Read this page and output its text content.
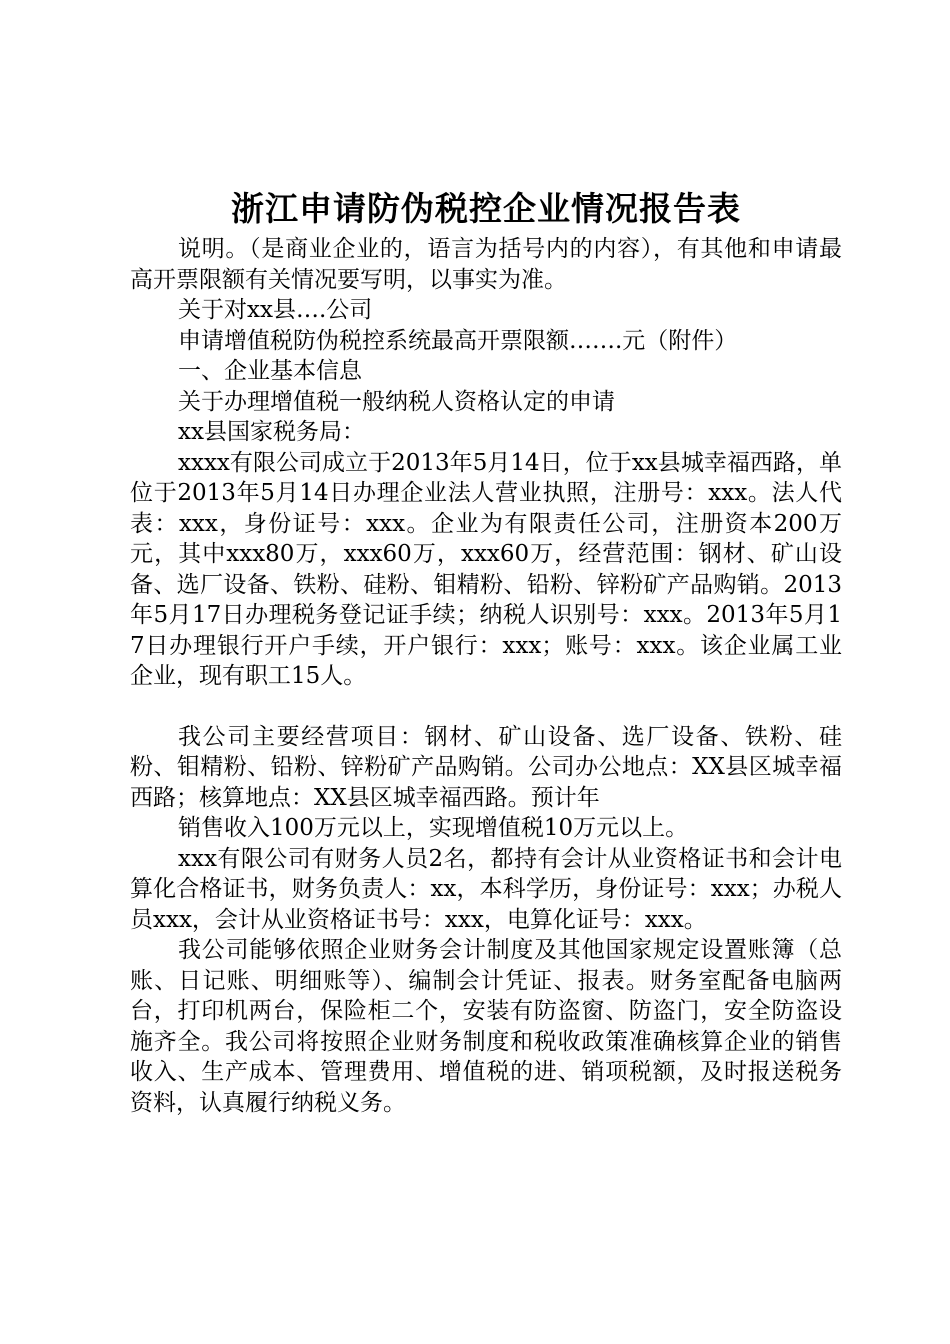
浙江申请防伪税控企业情况报告表

说明。（是商业企业的，语言为括号内的内容），有其他和申请最高开票限额有关情况要写明，以事实为准。

关于对xx县….公司

申请增值税防伪税控系统最高开票限额…….元（附件）

一、企业基本信息

关于办理增值税一般纳税人资格认定的申请

xx县国家税务局：

xxxx有限公司成立于2013年5月14日，位于xx县城幸福西路，单位于2013年5月14日办理企业法人营业执照，注册号：xxx。法人代表：xxx，身份证号：xxx。企业为有限责任公司，注册资本200万元，其中xxx80万，xxx60万，xxx60万，经营范围：钢材、矿山设备、选厂设备、铁粉、硅粉、钼精粉、铅粉、锌粉矿产品购销。2013年5月17日办理税务登记证手续；纳税人识别号：xxx。2013年5月17日办理银行开户手续，开户银行：xxx；账号：xxx。该企业属工业企业，现有职工15人。

我公司主要经营项目：钢材、矿山设备、选厂设备、铁粉、硅粉、钼精粉、铅粉、锌粉矿产品购销。公司办公地点：XX县区城幸福西路；核算地点：XX县区城幸福西路。预计年

销售收入100万元以上，实现增值税10万元以上。

xxx有限公司有财务人员2名，都持有会计从业资格证书和会计电算化合格证书，财务负责人：xx，本科学历，身份证号：xxx；办税人员xxx，会计从业资格证书号：xxx，电算化证号：xxx。

我公司能够依照企业财务会计制度及其他国家规定设置账簿（总账、日记账、明细账等）、编制会计凭证、报表。财务室配备电脑两台，打印机两台，保险柜二个，安装有防盗窗、防盗门，安全防盗设施齐全。我公司将按照企业财务制度和税收政策准确核算企业的销售收入、生产成本、管理费用、增值税的进、销项税额，及时报送税务资料，认真履行纳税义务。
